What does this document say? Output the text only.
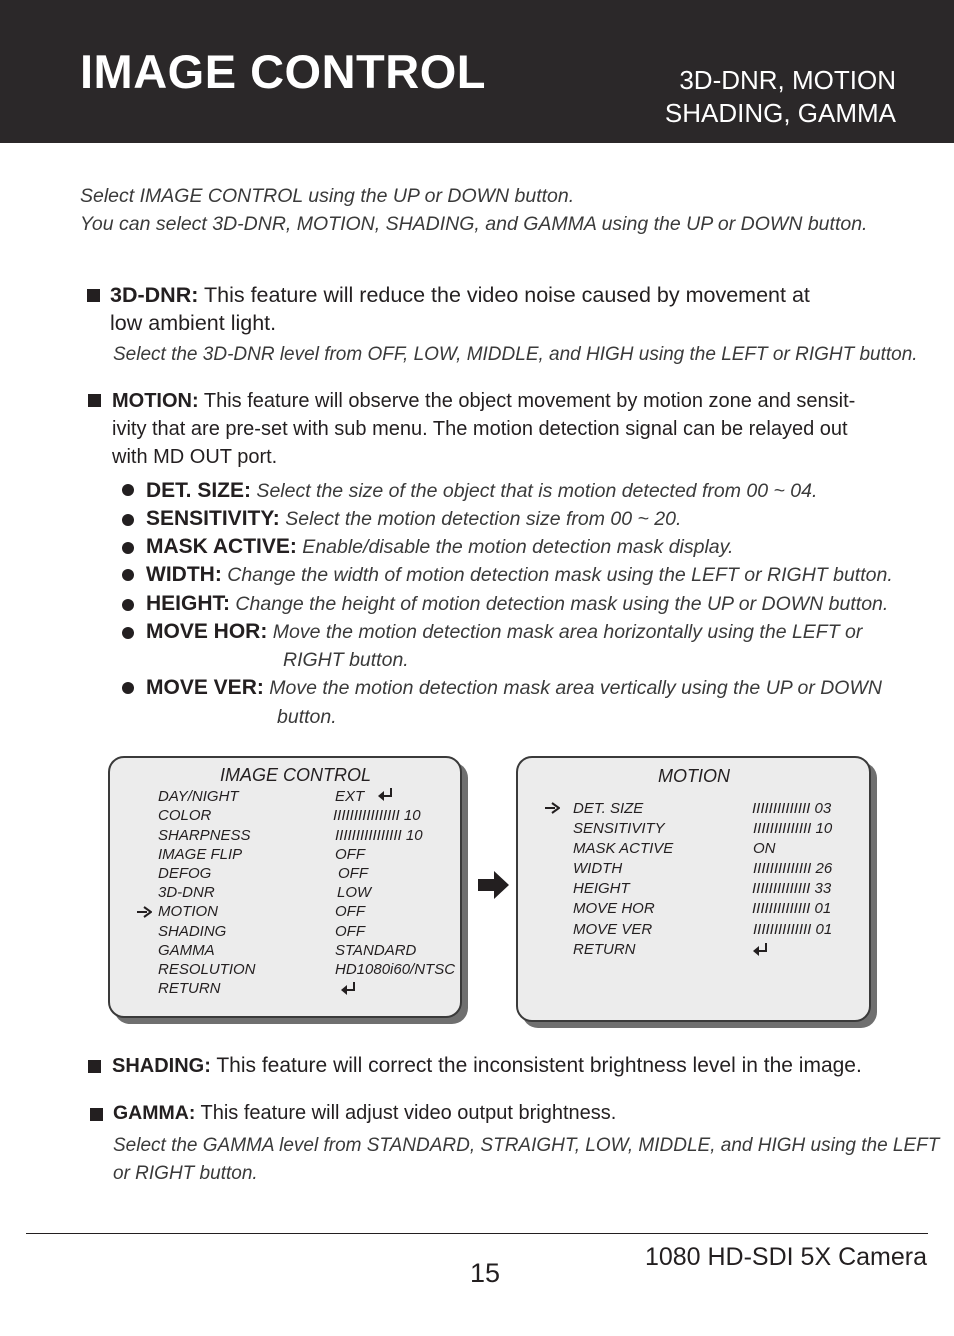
IMAGE CONTROL	3D-DNR, MOTION
SHADING, GAMMA
Select IMAGE CONTROL using the UP or DOWN button.
You can select 3D-DNR, MOTION, SHADING, and GAMMA using the UP or DOWN button.
3D-DNR: This feature will reduce the video noise caused by movement at
low ambient light.
Select the 3D-DNR level from OFF, LOW, MIDDLE, and HIGH using the LEFT or RIGHT button.
MOTION: This feature will observe the object movement by motion zone and sensit-
ivity that are pre-set with sub menu. The motion detection signal can be relayed out
with MD OUT port.
DET. SIZE: Select the size of the object that is motion detected from 00 ~ 04.
SENSITIVITY: Select the motion detection size from 00 ~ 20.
MASK ACTIVE: Enable/disable the motion detection mask display.
WIDTH: Change the width of motion detection mask using the LEFT or RIGHT button.
HEIGHT: Change the height of motion detection mask using the UP or DOWN button.
MOVE HOR: Move the motion detection mask area horizontally using the LEFT or
RIGHT button.
MOVE VER: Move the motion detection mask area vertically using the UP or DOWN
button.
IMAGE CONTROL
DAY/NIGHT	EXT
COLOR	IIIIIIIIIIIIIIII 10
SHARPNESS	IIIIIIIIIIIIIIII 10
IMAGE FLIP	OFF
DEFOG	OFF
3D-DNR	LOW
MOTION	OFF
SHADING	OFF
GAMMA	STANDARD
RESOLUTION	HD1080i60/NTSC
RETURN
MOTION
DET. SIZE	IIIIIIIIIIIIII 03
SENSITIVITY	IIIIIIIIIIIIII 10
MASK ACTIVE	ON
WIDTH	IIIIIIIIIIIIII 26
HEIGHT	IIIIIIIIIIIIII 33
MOVE HOR	IIIIIIIIIIIIII 01
MOVE VER	IIIIIIIIIIIIII 01
RETURN
SHADING: This feature will correct the inconsistent brightness level in the image.
GAMMA: This feature will adjust video output brightness.
Select the GAMMA level from STANDARD, STRAIGHT, LOW, MIDDLE, and HIGH using the LEFT
or RIGHT button.
15
1080 HD-SDI 5X Camera
